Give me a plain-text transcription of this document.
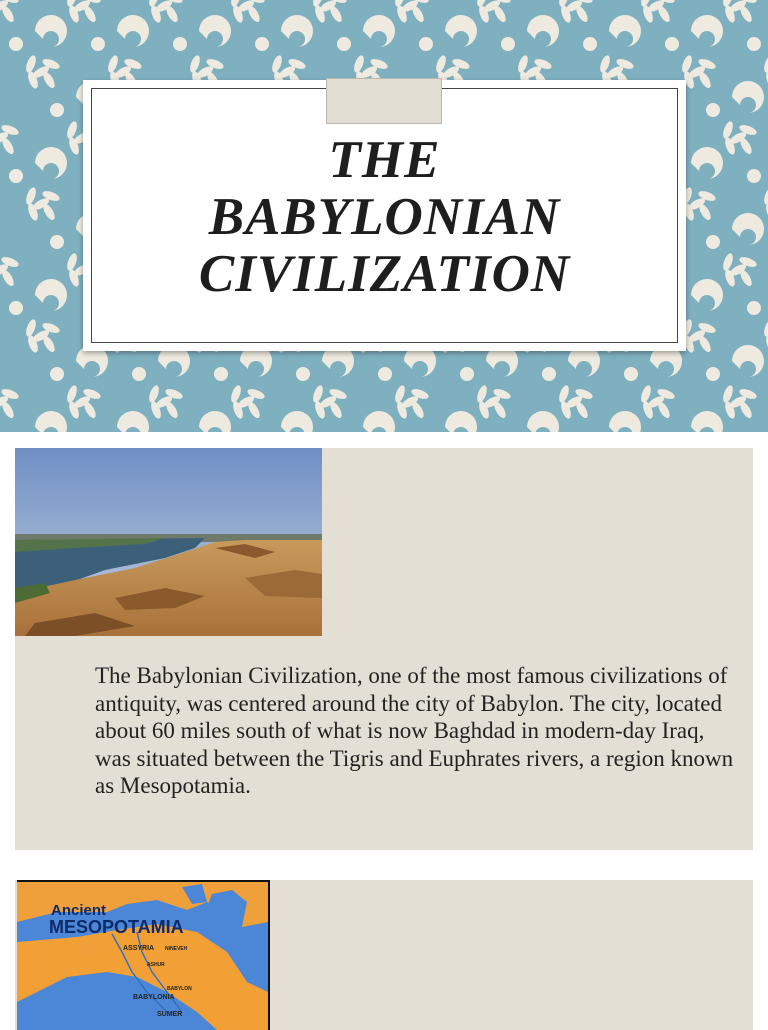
THE
BABYLONIAN
CIVILIZATION

The Babylonian Civilization, one of the most famous civilizations of antiquity, was centered around the city of Babylon. The city, located about 60 miles south of what is now Baghdad in modern-day Iraq, was situated between the Tigris and Euphrates rivers, a region known as Mesopotamia.

Ancient
MESOPOTAMIA
ASSYRIA NINEVEH
BABYLONIA
BABYLON
SUMER
ASHUR
